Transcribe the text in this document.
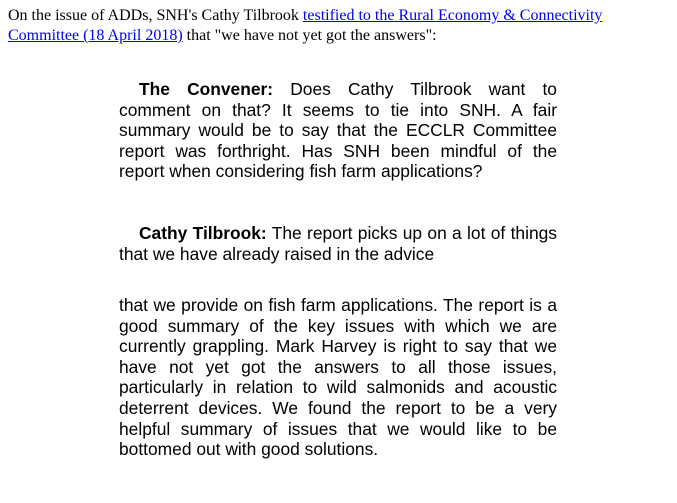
On the issue of ADDs, SNH's Cathy Tilbrook testified to the Rural Economy & Connectivity Committee (18 April 2018) that "we have not yet got the answers":
The Convener: Does Cathy Tilbrook want to comment on that? It seems to tie into SNH. A fair summary would be to say that the ECCLR Committee report was forthright. Has SNH been mindful of the report when considering fish farm applications?
Cathy Tilbrook: The report picks up on a lot of things that we have already raised in the advice
that we provide on fish farm applications. The report is a good summary of the key issues with which we are currently grappling. Mark Harvey is right to say that we have not yet got the answers to all those issues, particularly in relation to wild salmonids and acoustic deterrent devices. We found the report to be a very helpful summary of issues that we would like to be bottomed out with good solutions.
